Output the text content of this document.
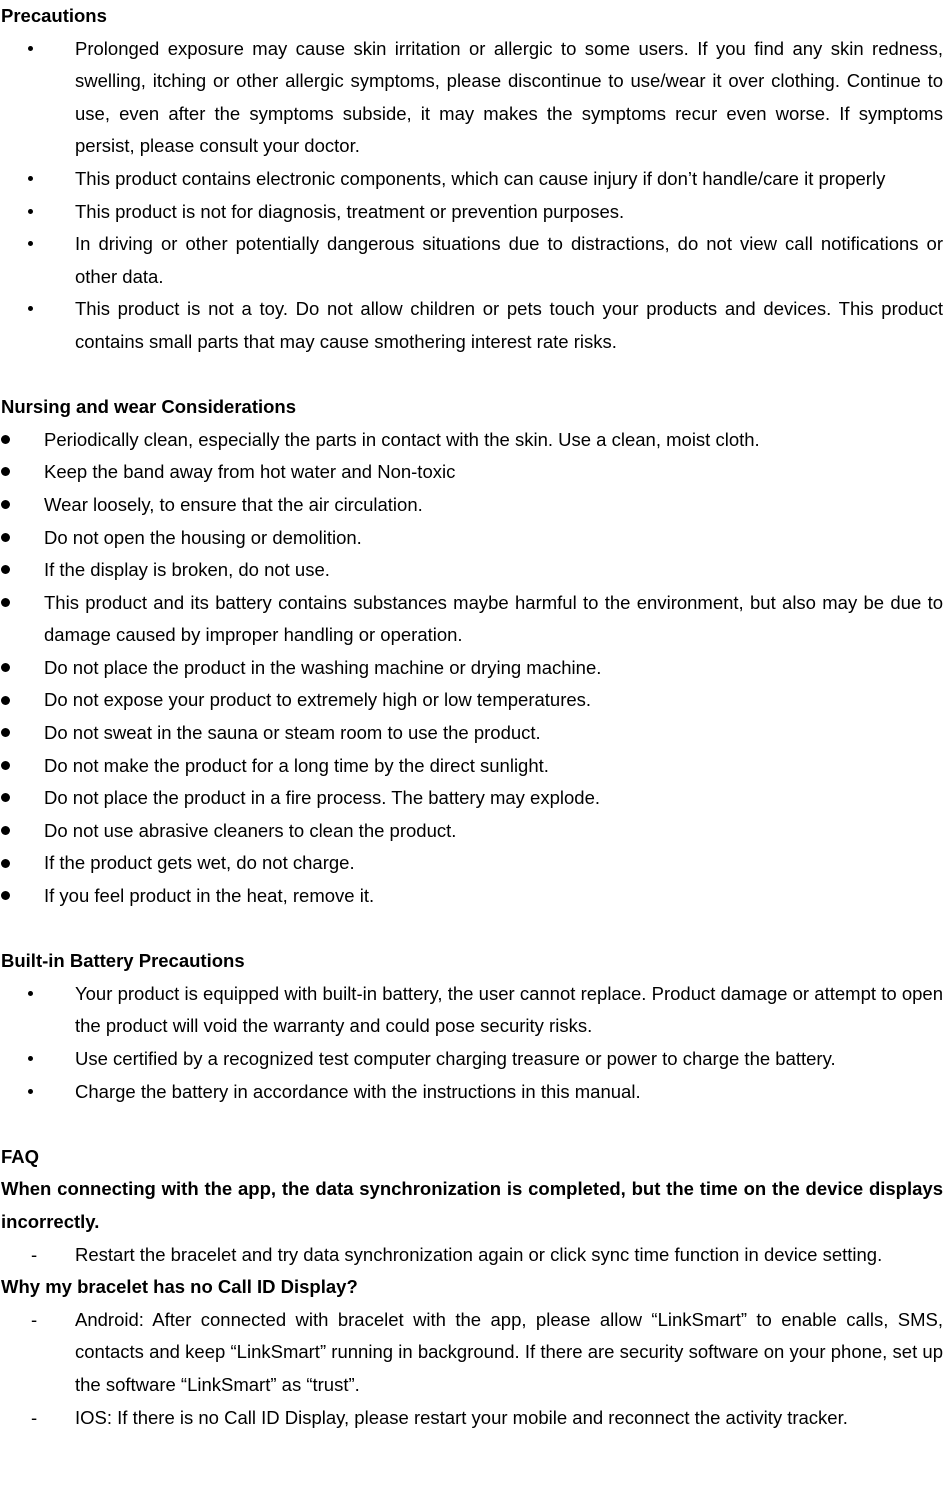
Precautions
Prolonged exposure may cause skin irritation or allergic to some users. If you find any skin redness, swelling, itching or other allergic symptoms, please discontinue to use/wear it over clothing. Continue to use, even after the symptoms subside, it may makes the symptoms recur even worse. If symptoms persist, please consult your doctor.
This product contains electronic components, which can cause injury if don’t handle/care it properly
This product is not for diagnosis, treatment or prevention purposes.
In driving or other potentially dangerous situations due to distractions, do not view call notifications or other data.
This product is not a toy. Do not allow children or pets touch your products and devices. This product contains small parts that may cause smothering interest rate risks.
Nursing and wear Considerations
Periodically clean, especially the parts in contact with the skin. Use a clean, moist cloth.
Keep the band away from hot water and Non-toxic
Wear loosely, to ensure that the air circulation.
Do not open the housing or demolition.
If the display is broken, do not use.
This product and its battery contains substances maybe harmful to the environment, but also may be due to damage caused by improper handling or operation.
Do not place the product in the washing machine or drying machine.
Do not expose your product to extremely high or low temperatures.
Do not sweat in the sauna or steam room to use the product.
Do not make the product for a long time by the direct sunlight.
Do not place the product in a fire process. The battery may explode.
Do not use abrasive cleaners to clean the product.
If the product gets wet, do not charge.
If you feel product in the heat, remove it.
Built-in Battery Precautions
Your product is equipped with built-in battery, the user cannot replace. Product damage or attempt to open the product will void the warranty and could pose security risks.
Use certified by a recognized test computer charging treasure or power to charge the battery.
Charge the battery in accordance with the instructions in this manual.
FAQ
When connecting with the app, the data synchronization is completed, but the time on the device displays incorrectly.
-
Restart the bracelet and try data synchronization again or click sync time function in device setting.
Why my bracelet has no Call ID Display?
-
Android: After connected with bracelet with the app, please allow “LinkSmart” to enable calls, SMS, contacts and keep “LinkSmart” running in background. If there are security software on your phone, set up the software “LinkSmart” as “trust”.
-
IOS: If there is no Call ID Display, please restart your mobile and reconnect the activity tracker.
